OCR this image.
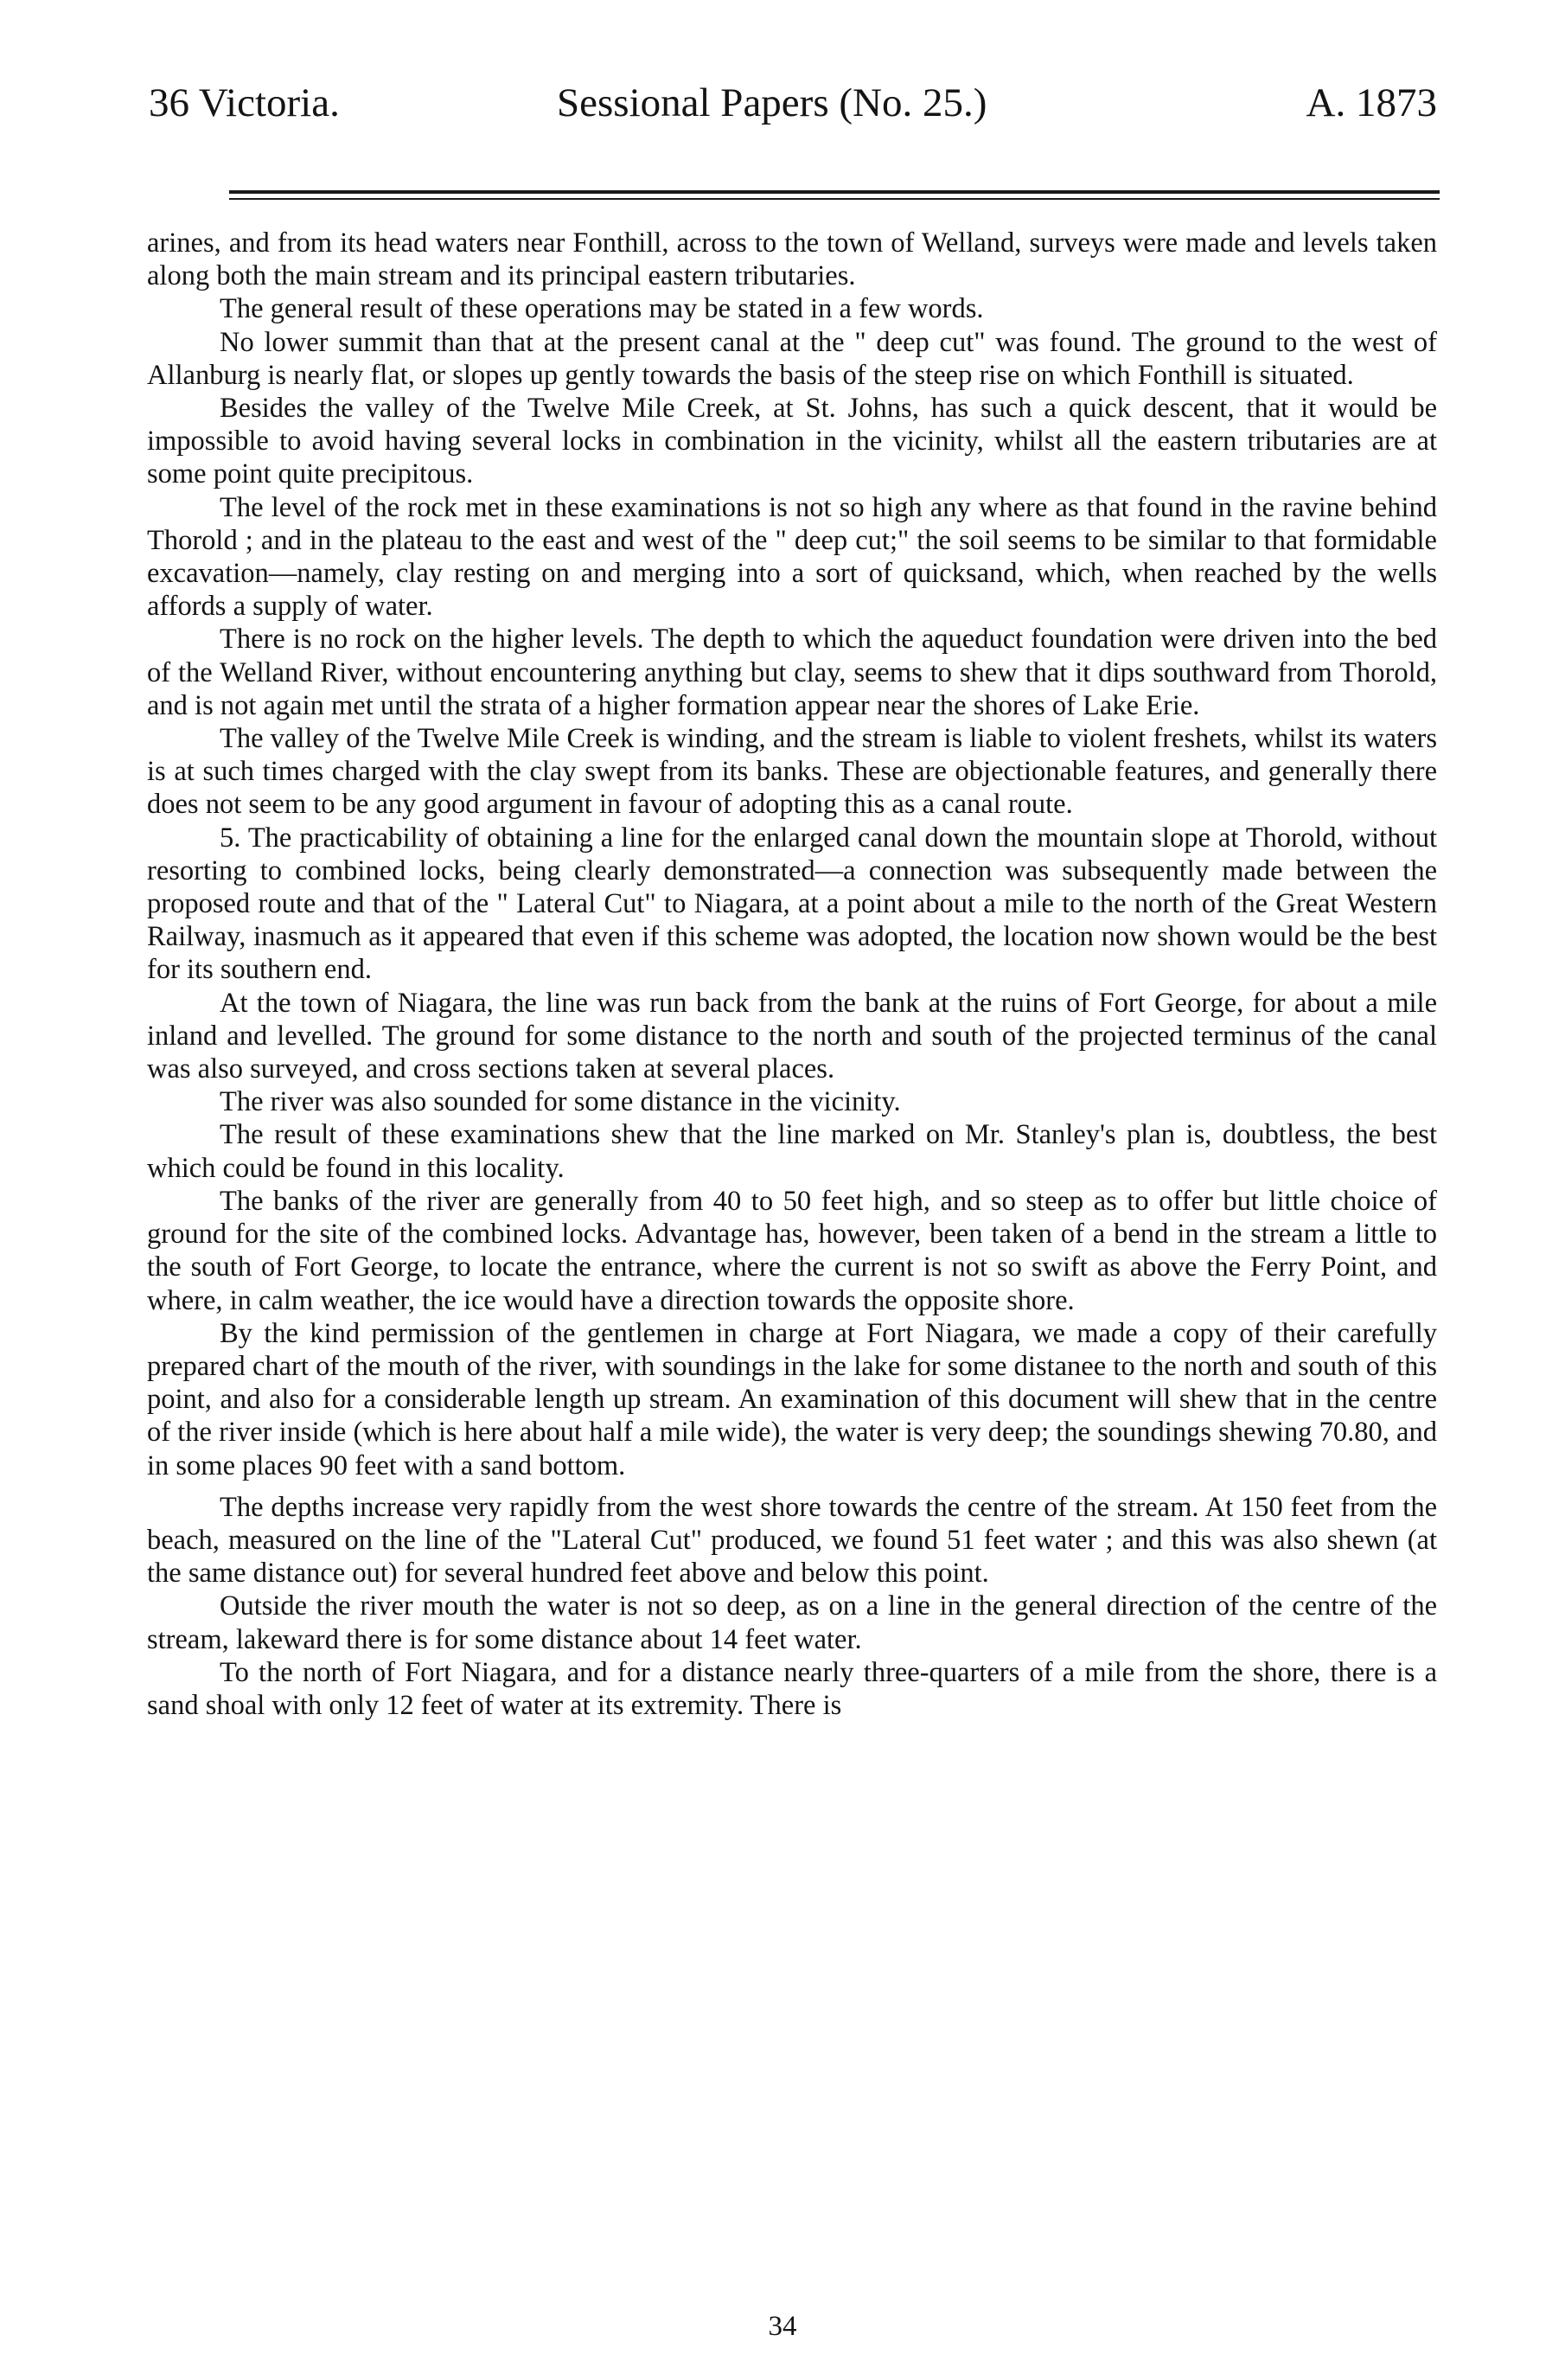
36 Victoria.	Sessional Papers (No. 25.)	A. 1873

arines, and from its head waters near Fonthill, across to the town of Welland, surveys were made and levels taken along both the main stream and its principal eastern tributaries.

The general result of these operations may be stated in a few words.

No lower summit than that at the present canal at the " deep cut" was found. The ground to the west of Allanburg is nearly flat, or slopes up gently towards the basis of the steep rise on which Fonthill is situated.

Besides the valley of the Twelve Mile Creek, at St. Johns, has such a quick descent, that it would be impossible to avoid having several locks in combination in the vicinity, whilst all the eastern tributaries are at some point quite precipitous.

The level of the rock met in these examinations is not so high any where as that found in the ravine behind Thorold ; and in the plateau to the east and west of the " deep cut;" the soil seems to be similar to that formidable excavation—namely, clay resting on and merging into a sort of quicksand, which, when reached by the wells affords a supply of water.

There is no rock on the higher levels. The depth to which the aqueduct foundation were driven into the bed of the Welland River, without encountering anything but clay, seems to shew that it dips southward from Thorold, and is not again met until the strata of a higher formation appear near the shores of Lake Erie.

The valley of the Twelve Mile Creek is winding, and the stream is liable to violent freshets, whilst its waters is at such times charged with the clay swept from its banks. These are objectionable features, and generally there does not seem to be any good argument in favour of adopting this as a canal route.

5. The practicability of obtaining a line for the enlarged canal down the mountain slope at Thorold, without resorting to combined locks, being clearly demonstrated—a connection was subsequently made between the proposed route and that of the " Lateral Cut" to Niagara, at a point about a mile to the north of the Great Western Railway, inasmuch as it appeared that even if this scheme was adopted, the location now shown would be the best for its southern end.

At the town of Niagara, the line was run back from the bank at the ruins of Fort George, for about a mile inland and levelled. The ground for some distance to the north and south of the projected terminus of the canal was also surveyed, and cross sections taken at several places.

The river was also sounded for some distance in the vicinity.

The result of these examinations shew that the line marked on Mr. Stanley's plan is, doubtless, the best which could be found in this locality.

The banks of the river are generally from 40 to 50 feet high, and so steep as to offer but little choice of ground for the site of the combined locks. Advantage has, however, been taken of a bend in the stream a little to the south of Fort George, to locate the entrance, where the current is not so swift as above the Ferry Point, and where, in calm weather, the ice would have a direction towards the opposite shore.

By the kind permission of the gentlemen in charge at Fort Niagara, we made a copy of their carefully prepared chart of the mouth of the river, with soundings in the lake for some distanee to the north and south of this point, and also for a considerable length up stream. An examination of this document will shew that in the centre of the river inside (which is here about half a mile wide), the water is very deep; the soundings shewing 70.80, and in some places 90 feet with a sand bottom.

The depths increase very rapidly from the west shore towards the centre of the stream. At 150 feet from the beach, measured on the line of the "Lateral Cut" produced, we found 51 feet water ; and this was also shewn (at the same distance out) for several hundred feet above and below this point.

Outside the river mouth the water is not so deep, as on a line in the general direction of the centre of the stream, lakeward there is for some distance about 14 feet water.

To the north of Fort Niagara, and for a distance nearly three-quarters of a mile from the shore, there is a sand shoal with only 12 feet of water at its extremity. There is

34
